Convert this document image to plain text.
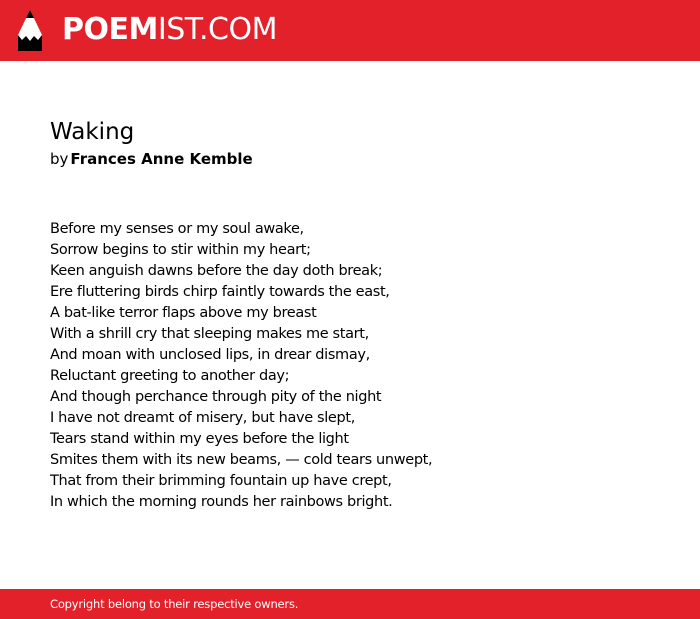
POEMIST.COM
Waking
by Frances Anne Kemble
Before my senses or my soul awake,
Sorrow begins to stir within my heart;
Keen anguish dawns before the day doth break;
Ere fluttering birds chirp faintly towards the east,
A bat-like terror flaps above my breast
With a shrill cry that sleeping makes me start,
And moan with unclosed lips, in drear dismay,
Reluctant greeting to another day;
And though perchance through pity of the night
I have not dreamt of misery, but have slept,
Tears stand within my eyes before the light
Smites them with its new beams, — cold tears unwept,
That from their brimming fountain up have crept,
In which the morning rounds her rainbows bright.
Copyright belong to their respective owners.
